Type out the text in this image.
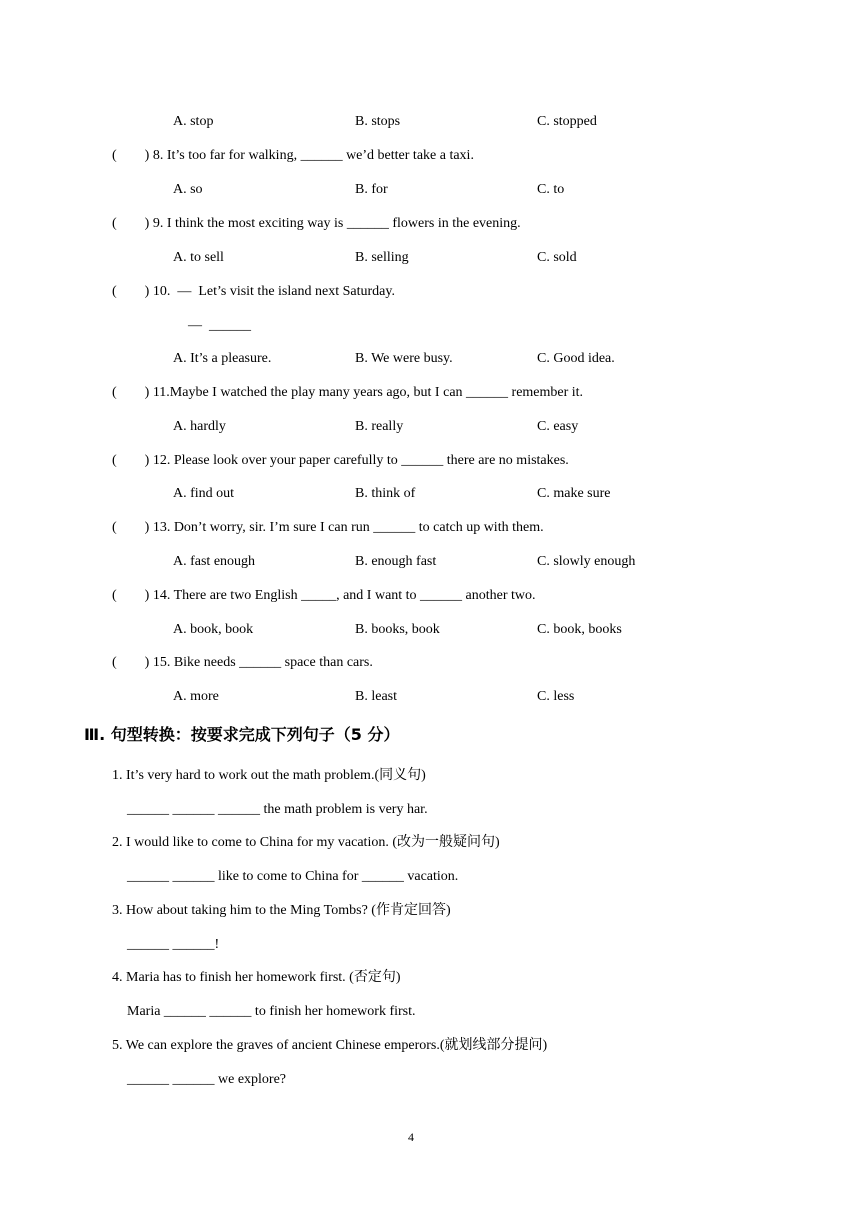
A. stop	B. stops	C. stopped
(        ) 8. It’s too far for walking, ______ we’d better take a taxi.
A. so	B. for	C. to
(        ) 9. I think the most exciting way is ______ flowers in the evening.
A. to sell	B. selling	C. sold
(        ) 10.  —  Let’s visit the island next Saturday.
—  ______
A. It’s a pleasure.	B. We were busy.	C. Good idea.
(        ) 11.Maybe I watched the play many years ago, but I can ______ remember it.
A. hardly	B. really	C. easy
(        ) 12. Please look over your paper carefully to ______ there are no mistakes.
A. find out	B. think of	C. make sure
(        ) 13. Don’t worry, sir. I’m sure I can run ______ to catch up with them.
A. fast enough	B. enough fast	C. slowly enough
(        ) 14. There are two English _____, and I want to ______ another two.
A. book, book	B. books, book	C. book, books
(        ) 15. Bike needs ______ space than cars.
A. more	B. least	C. less
Ⅲ. 句型转换：按要求完成下列句子（5 分）
1. It’s very hard to work out the math problem.(同义句)
______ ______ ______ the math problem is very har.
2. I would like to come to China for my vacation. (改为一般疑问句)
______ ______ like to come to China for ______ vacation.
3. How about taking him to the Ming Tombs? (作肯定回答)
______ ______!
4. Maria has to finish her homework first. (否定句)
Maria ______ ______ to finish her homework first.
5. We can explore the graves of ancient Chinese emperors.(就划线部分提问)
______ ______ we explore?
4
